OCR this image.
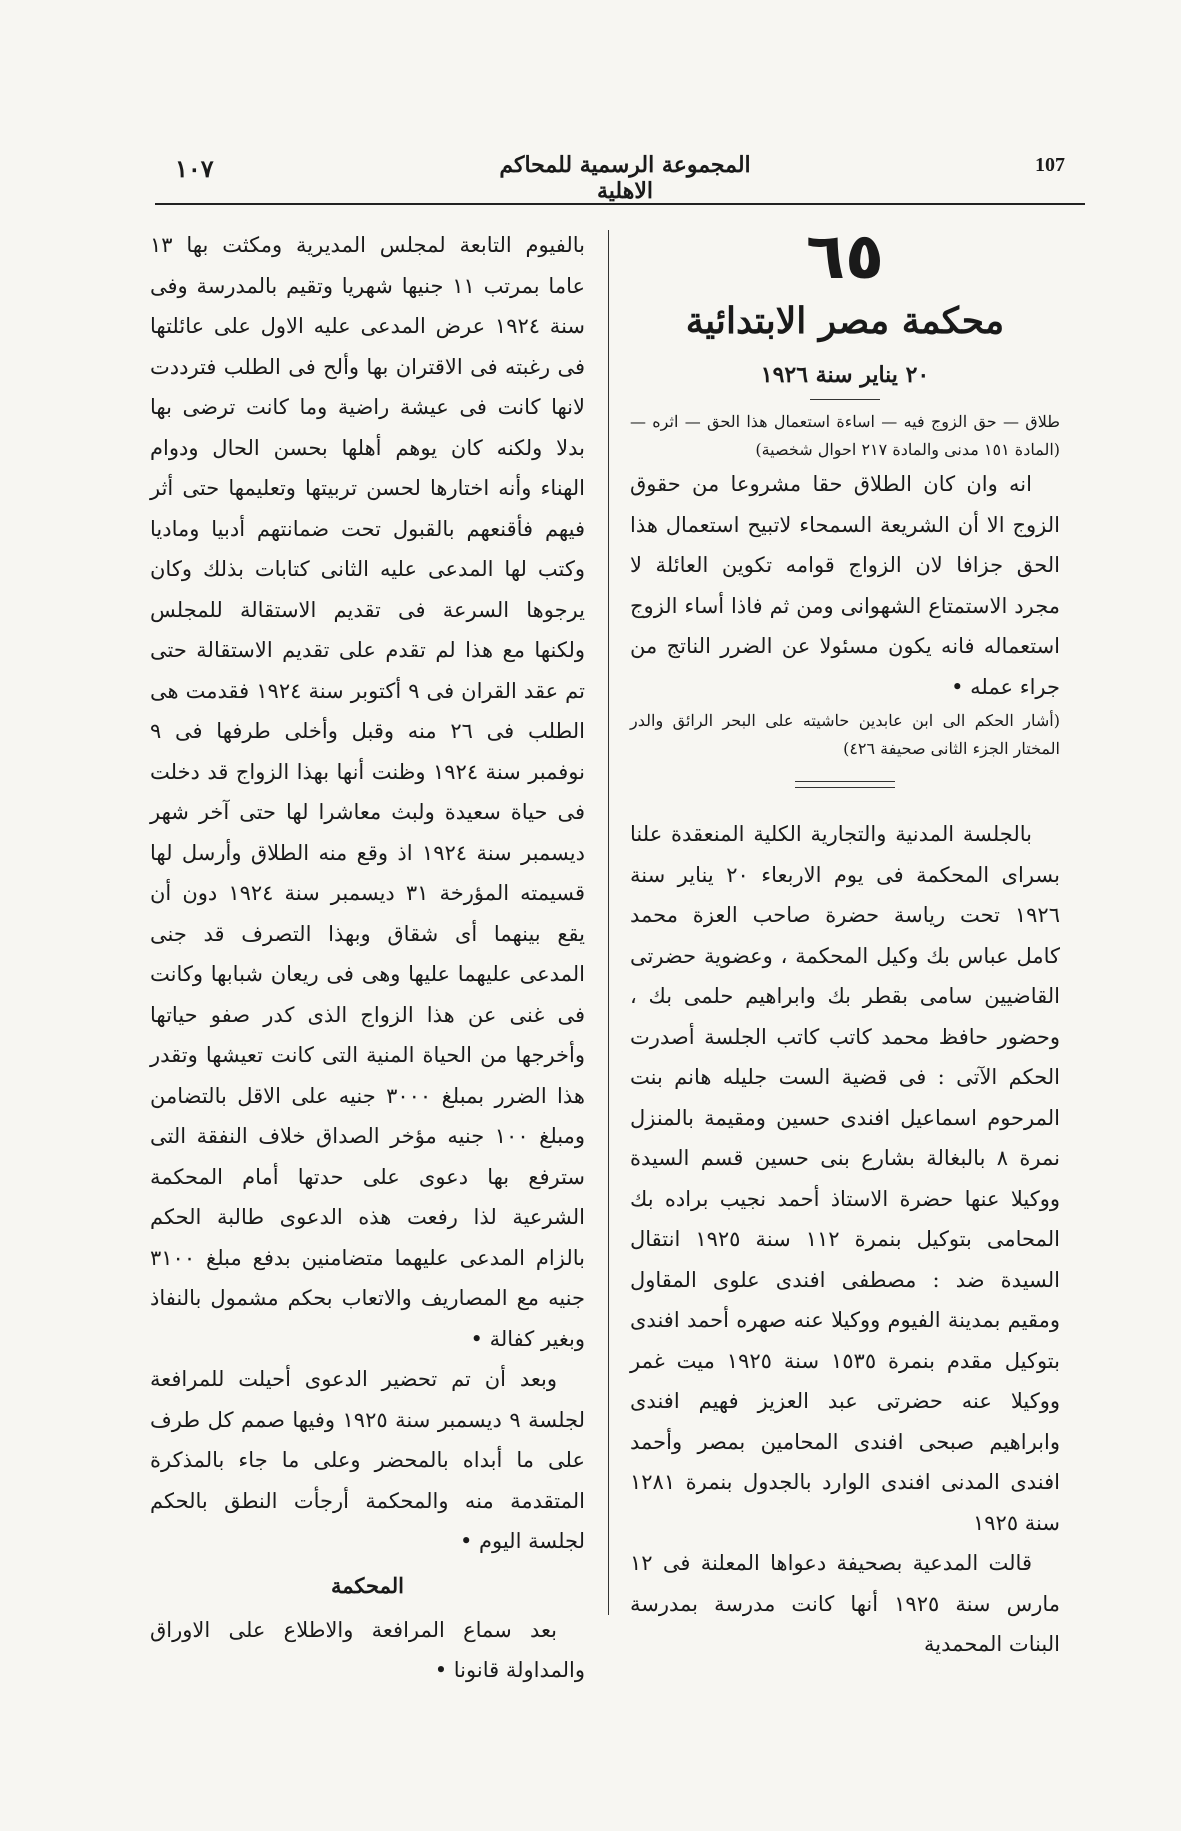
١٠٧	المجموعة الرسمية للمحاكم الاهلية
107
٦٥
محكمة مصر الابتدائية
٢٠ يناير سنة ١٩٢٦

طلاق — حق الزوج فيه — اساءة استعمال هذا الحق — اثره — (المادة ١٥١ مدنى والمادة ٢١٧ احوال شخصية)

انه وان كان الطلاق حقا مشروعا من حقوق الزوج الا أن الشريعة السمحاء لاتبيح استعمال هذا الحق جزافا لان الزواج قوامه تكوين العائلة لا مجرد الاستمتاع الشهوانى ومن ثم فاذا أساء الزوج استعماله فانه يكون مسئولا عن الضرر الناتج من جراء عمله •

(أشار الحكم الى ابن عابدين حاشيته على البحر الرائق والدر المختار الجزء الثانى صحيفة ٤٢٦)

بالجلسة المدنية والتجارية الكلية المنعقدة علنا بسراى المحكمة فى يوم الاربعاء ٢٠ يناير سنة ١٩٢٦ تحت رياسة حضرة صاحب العزة محمد كامل عباس بك وكيل المحكمة ، وعضوية حضرتى القاضيين سامى بقطر بك وابراهيم حلمى بك ، وحضور حافظ محمد كاتب كاتب الجلسة أصدرت الحكم الآتى : فى قضية الست جليله هانم بنت المرحوم اسماعيل افندى حسين ومقيمة بالمنزل نمرة ٨ بالبغالة بشارع بنى حسين قسم السيدة ووكيلا عنها حضرة الاستاذ أحمد نجيب براده بك المحامى بتوكيل بنمرة ١١٢ سنة ١٩٢٥ انتقال السيدة ضد : مصطفى افندى علوى المقاول ومقيم بمدينة الفيوم ووكيلا عنه صهره أحمد افندى بتوكيل مقدم بنمرة ١٥٣٥ سنة ١٩٢٥ ميت غمر ووكيلا عنه حضرتى عبد العزيز فهيم افندى وابراهيم صبحى افندى المحامين بمصر وأحمد افندى المدنى افندى الوارد بالجدول بنمرة ١٢٨١ سنة ١٩٢٥

قالت المدعية بصحيفة دعواها المعلنة فى ١٢ مارس سنة ١٩٢٥ أنها كانت مدرسة بمدرسة البنات المحمدية

بالفيوم التابعة لمجلس المديرية ومكثت بها ١٣ عاما بمرتب ١١ جنيها شهريا وتقيم بالمدرسة وفى سنة ١٩٢٤ عرض المدعى عليه الاول على عائلتها فى رغبته فى الاقتران بها وألح فى الطلب فترددت لانها كانت فى عيشة راضية وما كانت ترضى بها بدلا ولكنه كان يوهم أهلها بحسن الحال ودوام الهناء وأنه اختارها لحسن تربيتها وتعليمها حتى أثر فيهم فأقنعهم بالقبول تحت ضمانتهم أدبيا وماديا وكتب لها المدعى عليه الثانى كتابات بذلك وكان يرجوها السرعة فى تقديم الاستقالة للمجلس ولكنها مع هذا لم تقدم على تقديم الاستقالة حتى تم عقد القران فى ٩ أكتوبر سنة ١٩٢٤ فقدمت هى الطلب فى ٢٦ منه وقبل وأخلى طرفها فى ٩ نوفمبر سنة ١٩٢٤ وظنت أنها بهذا الزواج قد دخلت فى حياة سعيدة ولبث معاشرا لها حتى آخر شهر ديسمبر سنة ١٩٢٤ اذ وقع منه الطلاق وأرسل لها قسيمته المؤرخة ٣١ ديسمبر سنة ١٩٢٤ دون أن يقع بينهما أى شقاق وبهذا التصرف قد جنى المدعى عليهما عليها وهى فى ريعان شبابها وكانت فى غنى عن هذا الزواج الذى كدر صفو حياتها وأخرجها من الحياة المنية التى كانت تعيشها وتقدر هذا الضرر بمبلغ ٣٠٠٠ جنيه على الاقل بالتضامن ومبلغ ١٠٠ جنيه مؤخر الصداق خلاف النفقة التى سترفع بها دعوى على حدتها أمام المحكمة الشرعية لذا رفعت هذه الدعوى طالبة الحكم بالزام المدعى عليهما متضامنين بدفع مبلغ ٣١٠٠ جنيه مع المصاريف والاتعاب بحكم مشمول بالنفاذ وبغير كفالة •

وبعد أن تم تحضير الدعوى أحيلت للمرافعة لجلسة ٩ ديسمبر سنة ١٩٢٥ وفيها صمم كل طرف على ما أبداه بالمحضر وعلى ما جاء بالمذكرة المتقدمة منه والمحكمة أرجأت النطق بالحكم لجلسة اليوم •

المحكمة

بعد سماع المرافعة والاطلاع على الاوراق والمداولة قانونا •
